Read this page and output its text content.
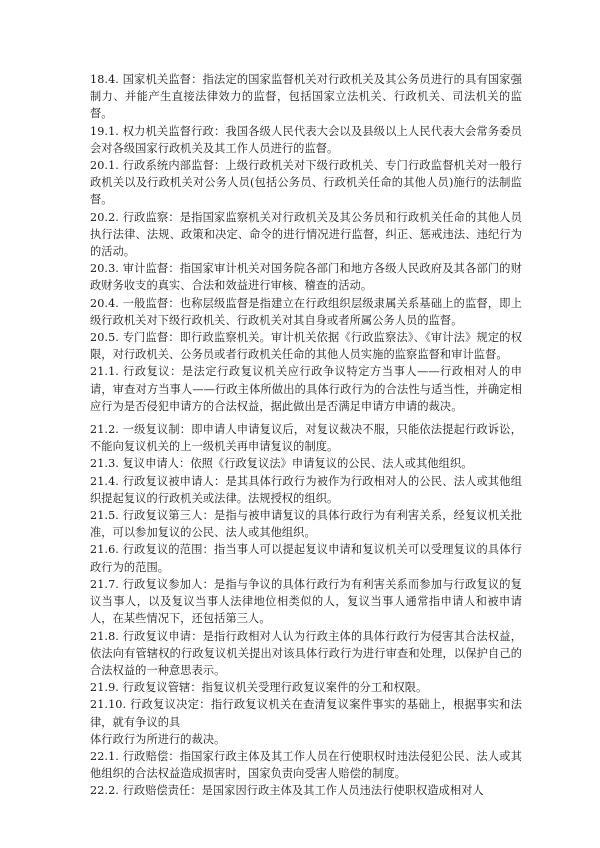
18.4. 国家机关监督：指法定的国家监督机关对行政机关及其公务员进行的具有国家强制力、并能产生直接法律效力的监督，包括国家立法机关、行政机关、司法机关的监督。

19.1. 权力机关监督行政：我国各级人民代表大会以及县级以上人民代表大会常务委员会对各级国家行政机关及其工作人员进行的监督。

20.1. 行政系统内部监督：上级行政机关对下级行政机关、专门行政监督机关对一般行政机关以及行政机关对公务人员(包括公务员、行政机关任命的其他人员)施行的法制监督。

20.2. 行政监察：是指国家监察机关对行政机关及其公务员和行政机关任命的其他人员执行法律、法规、政策和决定、命令的进行情况进行监督，纠正、惩戒违法、违纪行为的活动。

20.3. 审计监督：指国家审计机关对国务院各部门和地方各级人民政府及其各部门的财政财务收支的真实、合法和效益进行审核、稽查的活动。

20.4. 一般监督：也称层级监督是指建立在行政组织层级隶属关系基础上的监督，即上级行政机关对下级行政机关、行政机关对其自身或者所属公务人员的监督。

20.5. 专门监督：即行政监察机关。审计机关依据《行政监察法》、《审计法》规定的权限，对行政机关、公务员或者行政机关任命的其他人员实施的监察监督和审计监督。

21.1. 行政复议：是法定行政复议机关应行政争议特定方当事人——行政相对人的申请，审查对方当事人——行政主体所做出的具体行政行为的合法性与适当性，并确定相应行为是否侵犯申请方的合法权益，据此做出是否满足申请方申请的裁决。

21.2. 一级复议制：即申请人申请复议后，对复议裁决不服，只能依法提起行政诉讼，不能向复议机关的上一级机关再申请复议的制度。

21.3. 复议申请人：依照《行政复议法》申请复议的公民、法人或其他组织。

21.4. 行政复议被申请人：是其具体行政行为被作为行政相对人的公民、法人或其他组织提起复议的行政机关或法律。法规授权的组织。

21.5. 行政复议第三人：是指与被申请复议的具体行政行为有利害关系，经复议机关批准，可以参加复议的公民、法人或其他组织。

21.6. 行政复议的范围：指当事人可以提起复议申请和复议机关可以受理复议的具体行政行为的范围。

21.7. 行政复议参加人：是指与争议的具体行政行为有利害关系而参加与行政复议的复议当事人，以及复议当事人法律地位相类似的人，复议当事人通常指申请人和被申请人，在某些情况下，还包括第三人。

21.8. 行政复议申请：是指行政相对人认为行政主体的具体行政行为侵害其合法权益，依法向有管辖权的行政复议机关提出对该具体行政行为进行审查和处理，以保护自己的合法权益的一种意思表示。

21.9. 行政复议管辖：指复议机关受理行政复议案件的分工和权限。

21.10. 行政复议决定：指行政复议机关在查清复议案件事实的基础上，根据事实和法律，就有争议的具

体行政行为所进行的裁决。

22.1. 行政赔偿：指国家行政主体及其工作人员在行使职权时违法侵犯公民、法人或其他组织的合法权益造成损害时，国家负责向受害人赔偿的制度。

22.2. 行政赔偿责任：是国家因行政主体及其工作人员违法行使职权造成相对人
